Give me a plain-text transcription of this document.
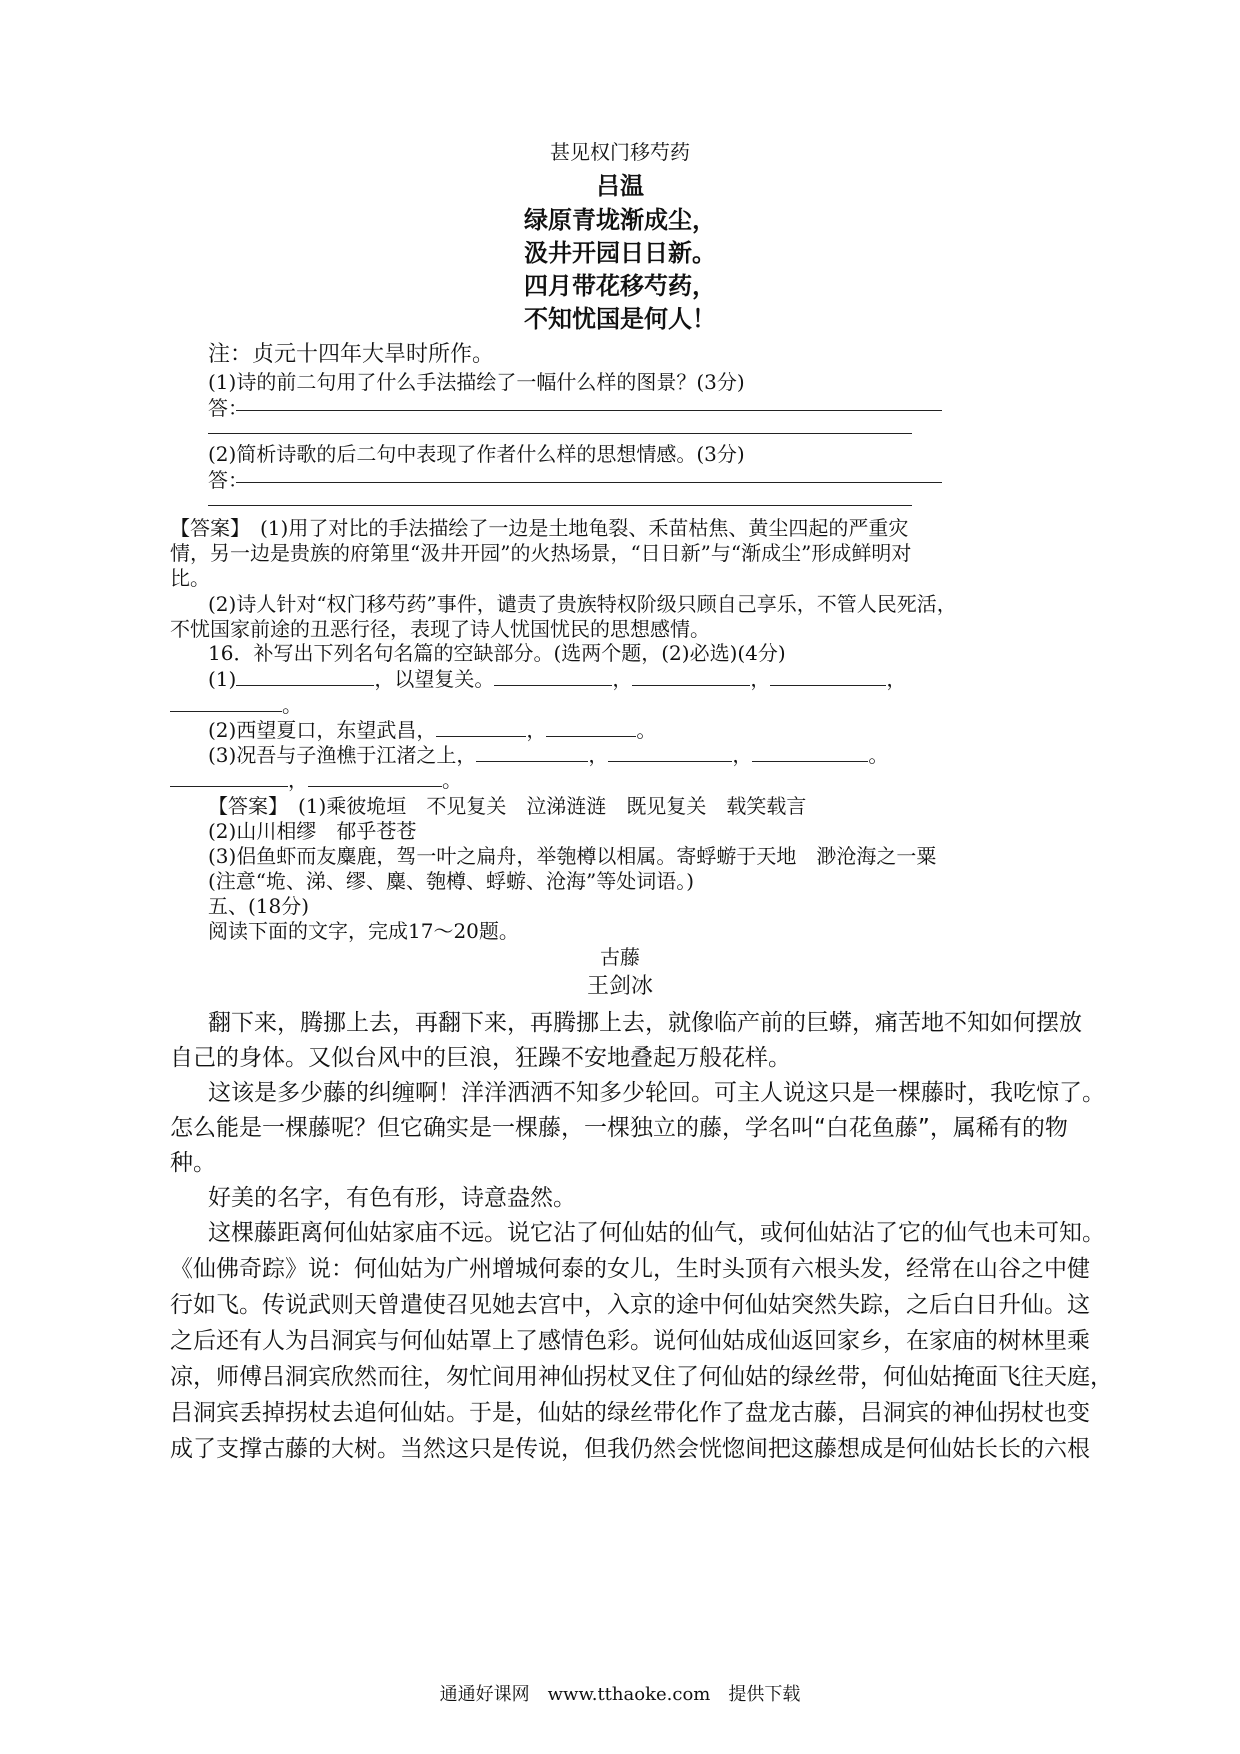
甚见权门移芍药
吕温
绿原青垅渐成尘，
汲井开园日日新。
四月带花移芍药，
不知忧国是何人！
注：贞元十四年大旱时所作。
(1)诗的前二句用了什么手法描绘了一幅什么样的图景？(3分)
答：
(2)简析诗歌的后二句中表现了作者什么样的思想情感。(3分)
答：
【答案】　(1)用了对比的手法描绘了一边是土地龟裂、禾苗枯焦、黄尘四起的严重灾
情，另一边是贵族的府第里“汲井开园”的火热场景，“日日新”与“渐成尘”形成鲜明对
比。
(2)诗人针对“权门移芍药”事件，谴责了贵族特权阶级只顾自己享乐，不管人民死活，
不忧国家前途的丑恶行径，表现了诗人忧国忧民的思想感情。
16．补写出下列名句名篇的空缺部分。(选两个题，(2)必选)(4分)
(1)	，以望复关。	，	，	，
。
(2)西望夏口，东望武昌，	，	。
(3)况吾与子渔樵于江渚之上，	，	，	。
，	。
【答案】　(1)乘彼垝垣　不见复关　泣涕涟涟　既见复关　载笑载言
(2)山川相缪　郁乎苍苍
(3)侣鱼虾而友麋鹿，驾一叶之扁舟，举匏樽以相属。寄蜉蝣于天地　渺沧海之一粟
(注意“垝、涕、缪、麋、匏樽、蜉蝣、沧海”等处词语。)
五、(18分)
阅读下面的文字，完成17～20题。
古藤
王剑冰
翻下来，腾挪上去，再翻下来，再腾挪上去，就像临产前的巨蟒，痛苦地不知如何摆放
自己的身体。又似台风中的巨浪，狂躁不安地叠起万般花样。
这该是多少藤的纠缠啊！洋洋洒洒不知多少轮回。可主人说这只是一棵藤时，我吃惊了。
怎么能是一棵藤呢？但它确实是一棵藤，一棵独立的藤，学名叫“白花鱼藤”，属稀有的物
种。
好美的名字，有色有形，诗意盎然。
这棵藤距离何仙姑家庙不远。说它沾了何仙姑的仙气，或何仙姑沾了它的仙气也未可知。
《仙佛奇踪》说：何仙姑为广州增城何泰的女儿，生时头顶有六根头发，经常在山谷之中健
行如飞。传说武则天曾遣使召见她去宫中，入京的途中何仙姑突然失踪，之后白日升仙。这
之后还有人为吕洞宾与何仙姑罩上了感情色彩。说何仙姑成仙返回家乡，在家庙的树林里乘
凉，师傅吕洞宾欣然而往，匆忙间用神仙拐杖叉住了何仙姑的绿丝带，何仙姑掩面飞往天庭，
吕洞宾丢掉拐杖去追何仙姑。于是，仙姑的绿丝带化作了盘龙古藤，吕洞宾的神仙拐杖也变
成了支撑古藤的大树。当然这只是传说，但我仍然会恍惚间把这藤想成是何仙姑长长的六根
通通好课网　www.tthaoke.com　提供下载
